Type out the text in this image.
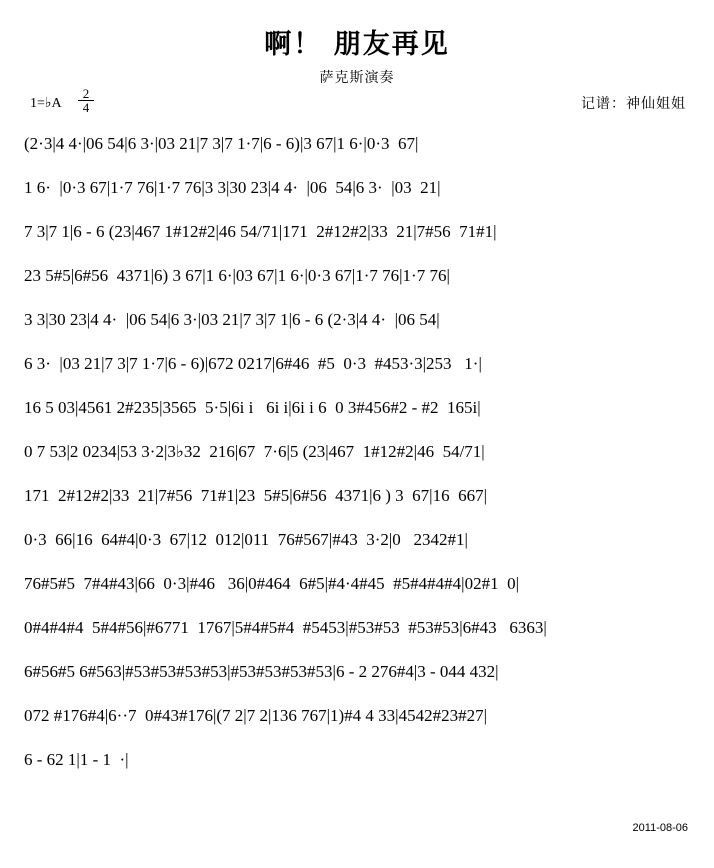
啊！ 朋友再见
萨克斯演奏
1=♭A $\frac{2}{4}$	记谱：神仙姐姐
(2·3|4 4·|06 54|6 3·|03 21|7 3|7 1·7|6 - 6)|3 67|1 6·|0·3  67|
1 6·  |0·3 67|1·7 76|1·7 76|3 3|30 23|4 4·  |06  54|6 3·  |03  21|
7 3|7 1|6 - 6 (23|467 1#12#2|46 54/71|171  2#12#2|33  21|7#56  71#1|
23 5#5|6#56  4371|6) 3 67|1 6·|03 67|1 6·|0·3 67|1·7 76|1·7 76|
3 3|30 23|4 4·  |06 54|6 3·|03 21|7 3|7 1|6 - 6 (2·3|4 4·  |06 54|
6 3·  |03 21|7 3|7 1·7|6 - 6)|672 0217|6#46  #5  0·3  #453·3|253   1·|
16 5 03|4561 2#235|3565  5·5|6i i   6i i|6i i 6  0 3#456#2 - #2  165i|
0 7 53|2 0234|53 3·2|3♭32  216|67  7·6|5 (23|467  1#12#2|46  54/71|
171  2#12#2|33  21|7#56  71#1|23  5#5|6#56  4371|6 ) 3  67|16  667|
0·3  66|16  64#4|0·3  67|12  012|011  76#567|#43  3·2|0   2342#1|
76#5#5  7#4#43|66  0·3|#46   36|0#464  6#5|#4·4#45  #5#4#4#4|02#1  0|
0#4#4#4  5#4#56|#6771  1767|5#4#5#4  #5453|#53#53  #53#53|6#43   6363|
6#56#5 6#563|#53#53#53#53|#53#53#53#53|6 - 2 276#4|3 - 044 432|
072 #176#4|6··7  0#43#176|(7 2|7 2|136 767|1)#4 4 33|4542#23#27|
6 - 62 1|1 - 1  ·|
2011-08-06
